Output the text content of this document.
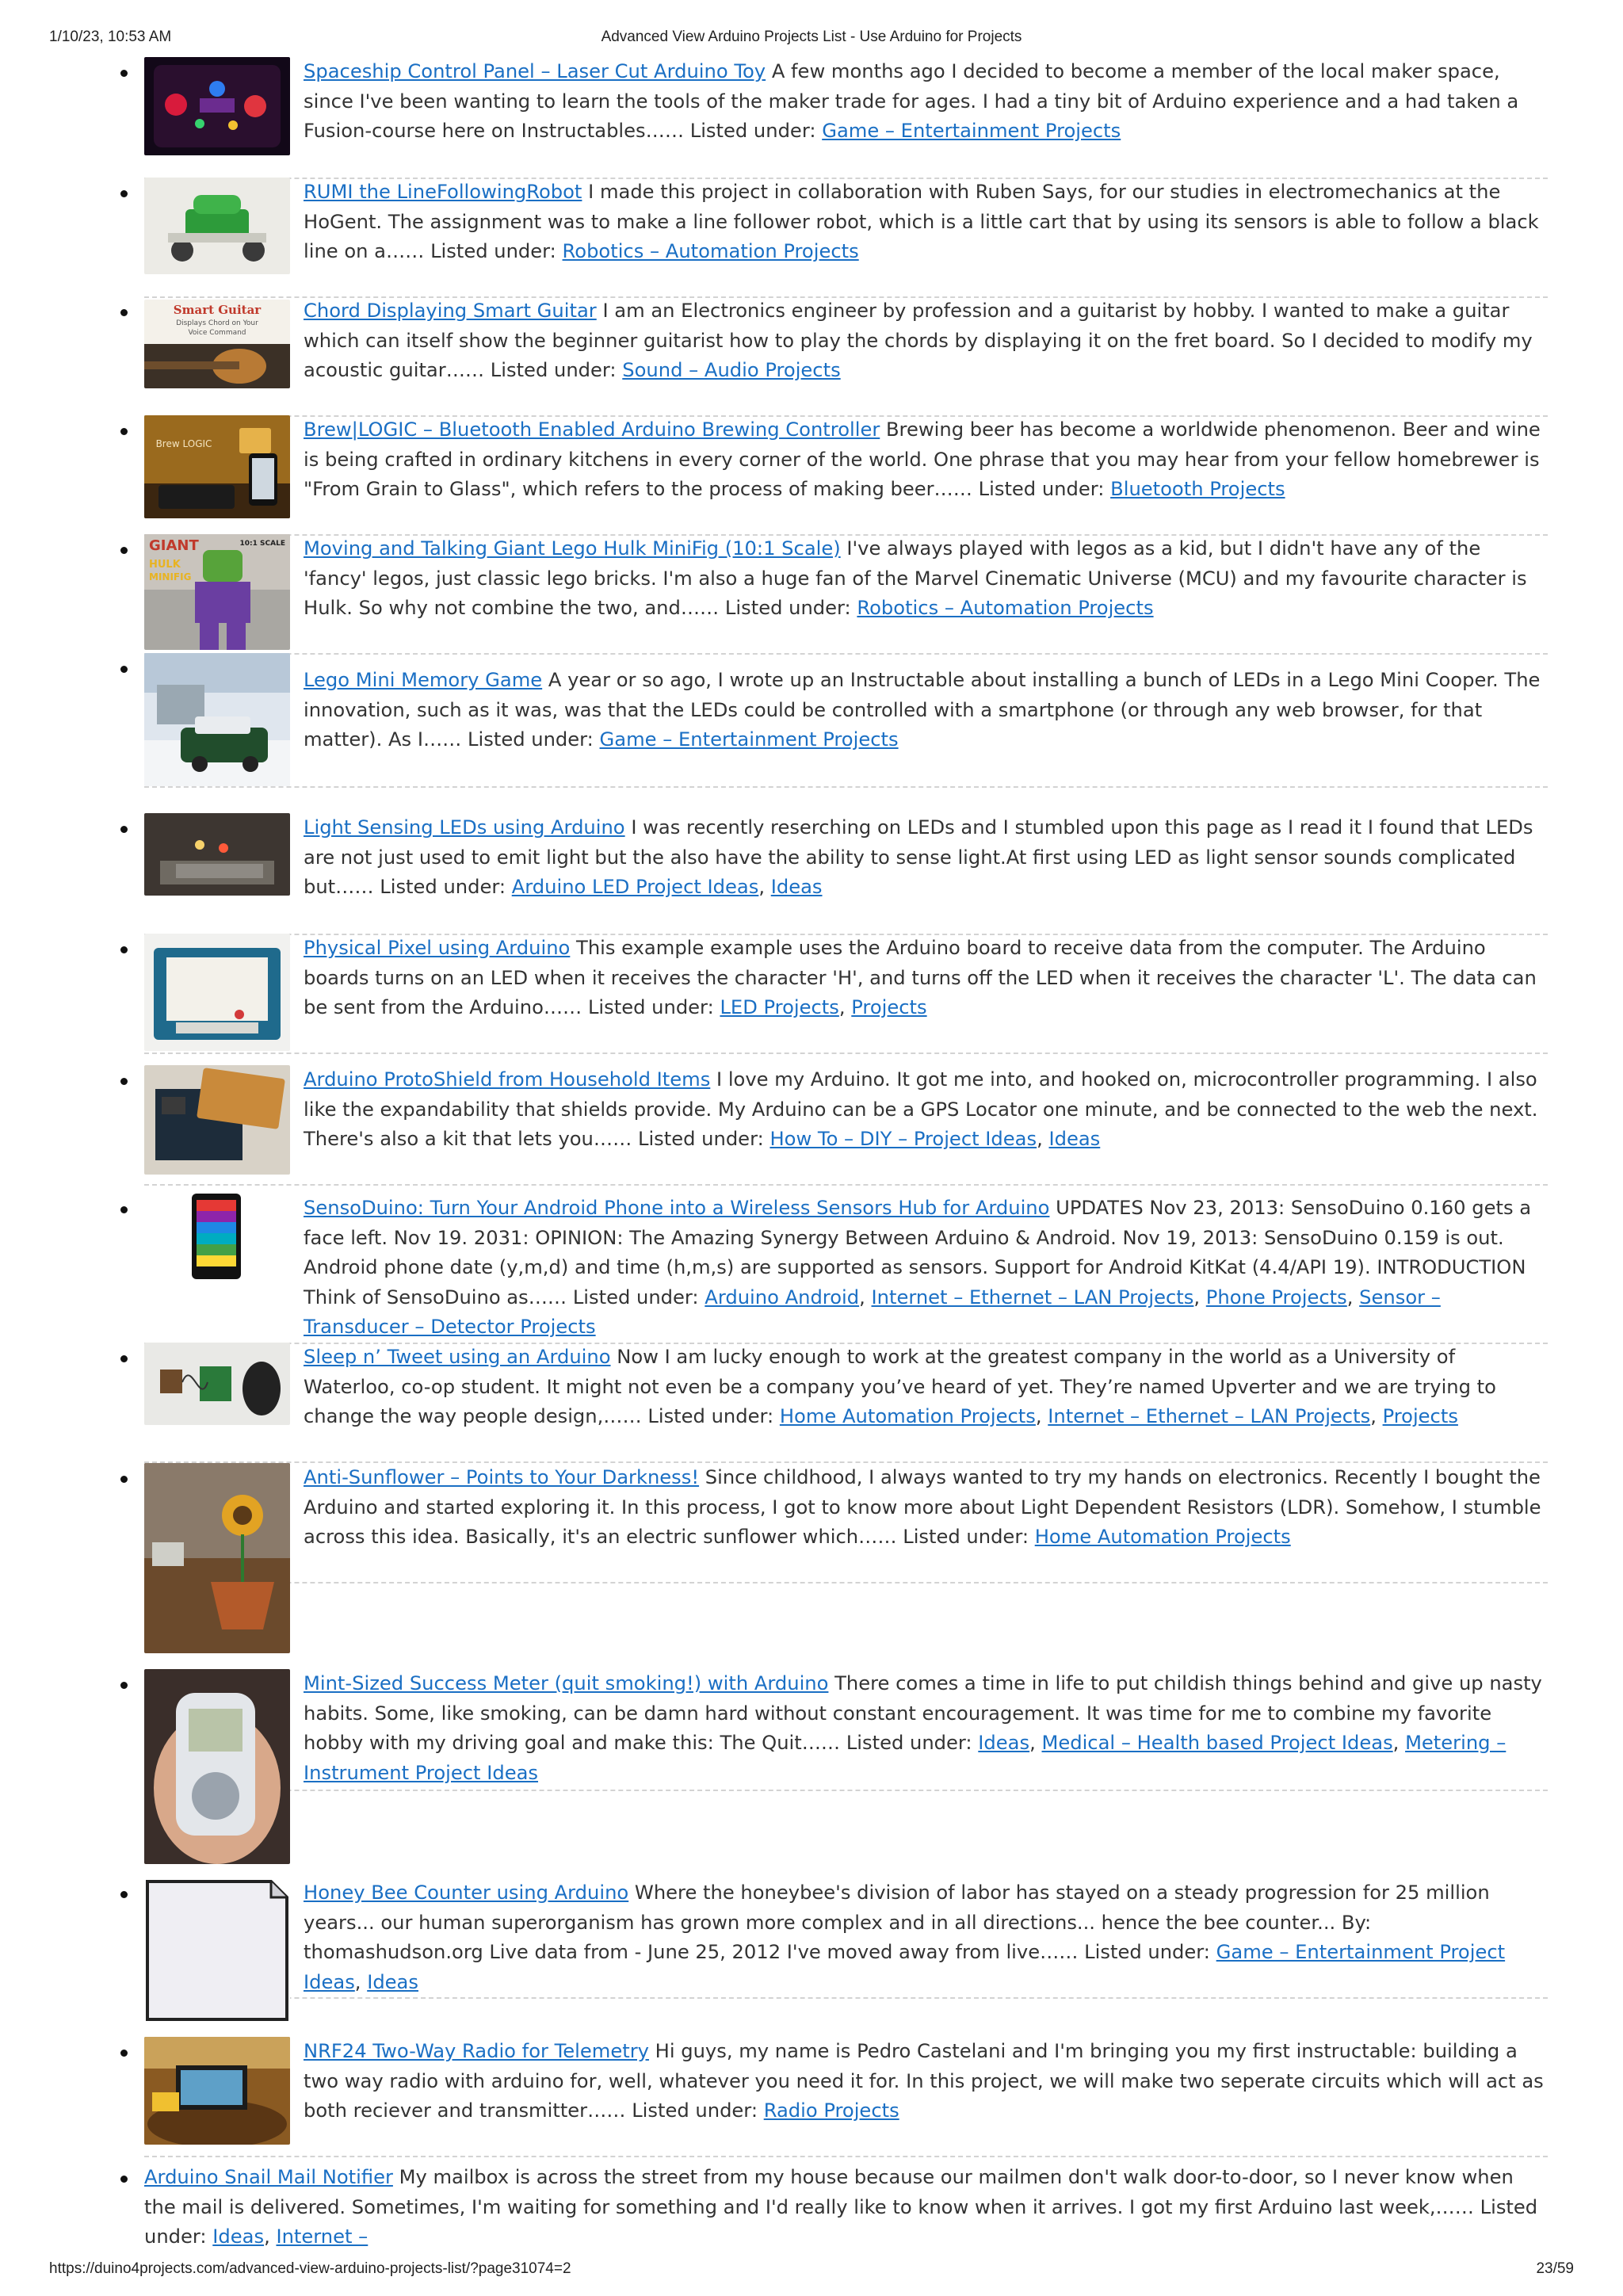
1/10/23, 10:53 AM	Advanced View Arduino Projects List - Use Arduino for Projects
Spaceship Control Panel – Laser Cut Arduino Toy A few months ago I decided to become a member of the local maker space, since I've been wanting to learn the tools of the maker trade for ages. I had a tiny bit of Arduino experience and a had taken a Fusion-course here on Instructables…… Listed under: Game – Entertainment Projects
RUMI the LineFollowingRobot I made this project in collaboration with Ruben Says, for our studies in electromechanics at the HoGent. The assignment was to make a line follower robot, which is a little cart that by using its sensors is able to follow a black line on a…… Listed under: Robotics – Automation Projects
Smart Guitar
Displays Chord on Your
Voice Command
Chord Displaying Smart Guitar I am an Electronics engineer by profession and a guitarist by hobby. I wanted to make a guitar which can itself show the beginner guitarist how to play the chords by displaying it on the fret board. So I decided to modify my acoustic guitar…… Listed under: Sound – Audio Projects
Brew LOGIC
Brew|LOGIC – Bluetooth Enabled Arduino Brewing Controller Brewing beer has become a worldwide phenomenon. Beer and wine is being crafted in ordinary kitchens in every corner of the world. One phrase that you may hear from your fellow homebrewer is "From Grain to Glass", which refers to the process of making beer…… Listed under: Bluetooth Projects
GIANT
HULK
MINIFIG
10:1 SCALE Moving and Talking Giant Lego Hulk MiniFig (10:1 Scale) I've always played with legos as a kid, but I didn't have any of the 'fancy' legos, just classic lego bricks. I'm also a huge fan of the Marvel Cinematic Universe (MCU) and my favourite character is Hulk. So why not combine the two, and…… Listed under: Robotics – Automation Projects
Lego Mini Memory Game A year or so ago, I wrote up an Instructable about installing a bunch of LEDs in a Lego Mini Cooper. The innovation, such as it was, was that the LEDs could be controlled with a smartphone (or through any web browser, for that matter). As I…… Listed under: Game – Entertainment Projects
Light Sensing LEDs using Arduino I was recently reserching on LEDs and I stumbled upon this page as I read it I found that LEDs are not just used to emit light but the also have the ability to sense light.At first using LED as light sensor sounds complicated but…… Listed under: Arduino LED Project Ideas, Ideas
Physical Pixel using Arduino This example example uses the Arduino board to receive data from the computer. The Arduino boards turns on an LED when it receives the character 'H', and turns off the LED when it receives the character 'L'. The data can be sent from the Arduino…… Listed under: LED Projects, Projects
Arduino ProtoShield from Household Items I love my Arduino. It got me into, and hooked on, microcontroller programming. I also like the expandability that shields provide. My Arduino can be a GPS Locator one minute, and be connected to the web the next. There's also a kit that lets you…… Listed under: How To – DIY – Project Ideas, Ideas
SensoDuino: Turn Your Android Phone into a Wireless Sensors Hub for Arduino UPDATES Nov 23, 2013: SensoDuino 0.160 gets a face left. Nov 19. 2031: OPINION: The Amazing Synergy Between Arduino & Android. Nov 19, 2013: SensoDuino 0.159 is out. Android phone date (y,m,d) and time (h,m,s) are supported as sensors. Support for Android KitKat (4.4/API 19). INTRODUCTION Think of SensoDuino as…… Listed under: Arduino Android, Internet – Ethernet – LAN Projects, Phone Projects, Sensor – Transducer – Detector Projects
Sleep n’ Tweet using an Arduino Now I am lucky enough to work at the greatest company in the world as a University of Waterloo, co-op student. It might not even be a company you’ve heard of yet. They’re named Upverter and we are trying to change the way people design,…… Listed under: Home Automation Projects, Internet – Ethernet – LAN Projects, Projects
Anti-Sunflower – Points to Your Darkness! Since childhood, I always wanted to try my hands on electronics. Recently I bought the Arduino and started exploring it. In this process, I got to know more about Light Dependent Resistors (LDR). Somehow, I stumble across this idea. Basically, it's an electric sunflower which…… Listed under: Home Automation Projects
Mint-Sized Success Meter (quit smoking!) with Arduino There comes a time in life to put childish things behind and give up nasty habits. Some, like smoking, can be damn hard without constant encouragement. It was time for me to combine my favorite hobby with my driving goal and make this: The Quit…… Listed under: Ideas, Medical – Health based Project Ideas, Metering – Instrument Project Ideas
Honey Bee Counter using Arduino Where the honeybee's division of labor has stayed on a steady progression for 25 million years... our human superorganism has grown more complex and in all directions... hence the bee counter... By: thomashudson.org Live data from - June 25, 2012 I've moved away from live…… Listed under: Game – Entertainment Project Ideas, Ideas
NRF24 Two-Way Radio for Telemetry Hi guys, my name is Pedro Castelani and I'm bringing you my first instructable: building a two way radio with arduino for, well, whatever you need it for. In this project, we will make two seperate circuits which will act as both reciever and transmitter…… Listed under: Radio Projects
Arduino Snail Mail Notifier My mailbox is across the street from my house because our mailmen don't walk door-to-door, so I never know when the mail is delivered. Sometimes, I'm waiting for something and I'd really like to know when it arrives. I got my first Arduino last week,…… Listed under: Ideas, Internet –
https://duino4projects.com/advanced-view-arduino-projects-list/?page31074=2	23/59
